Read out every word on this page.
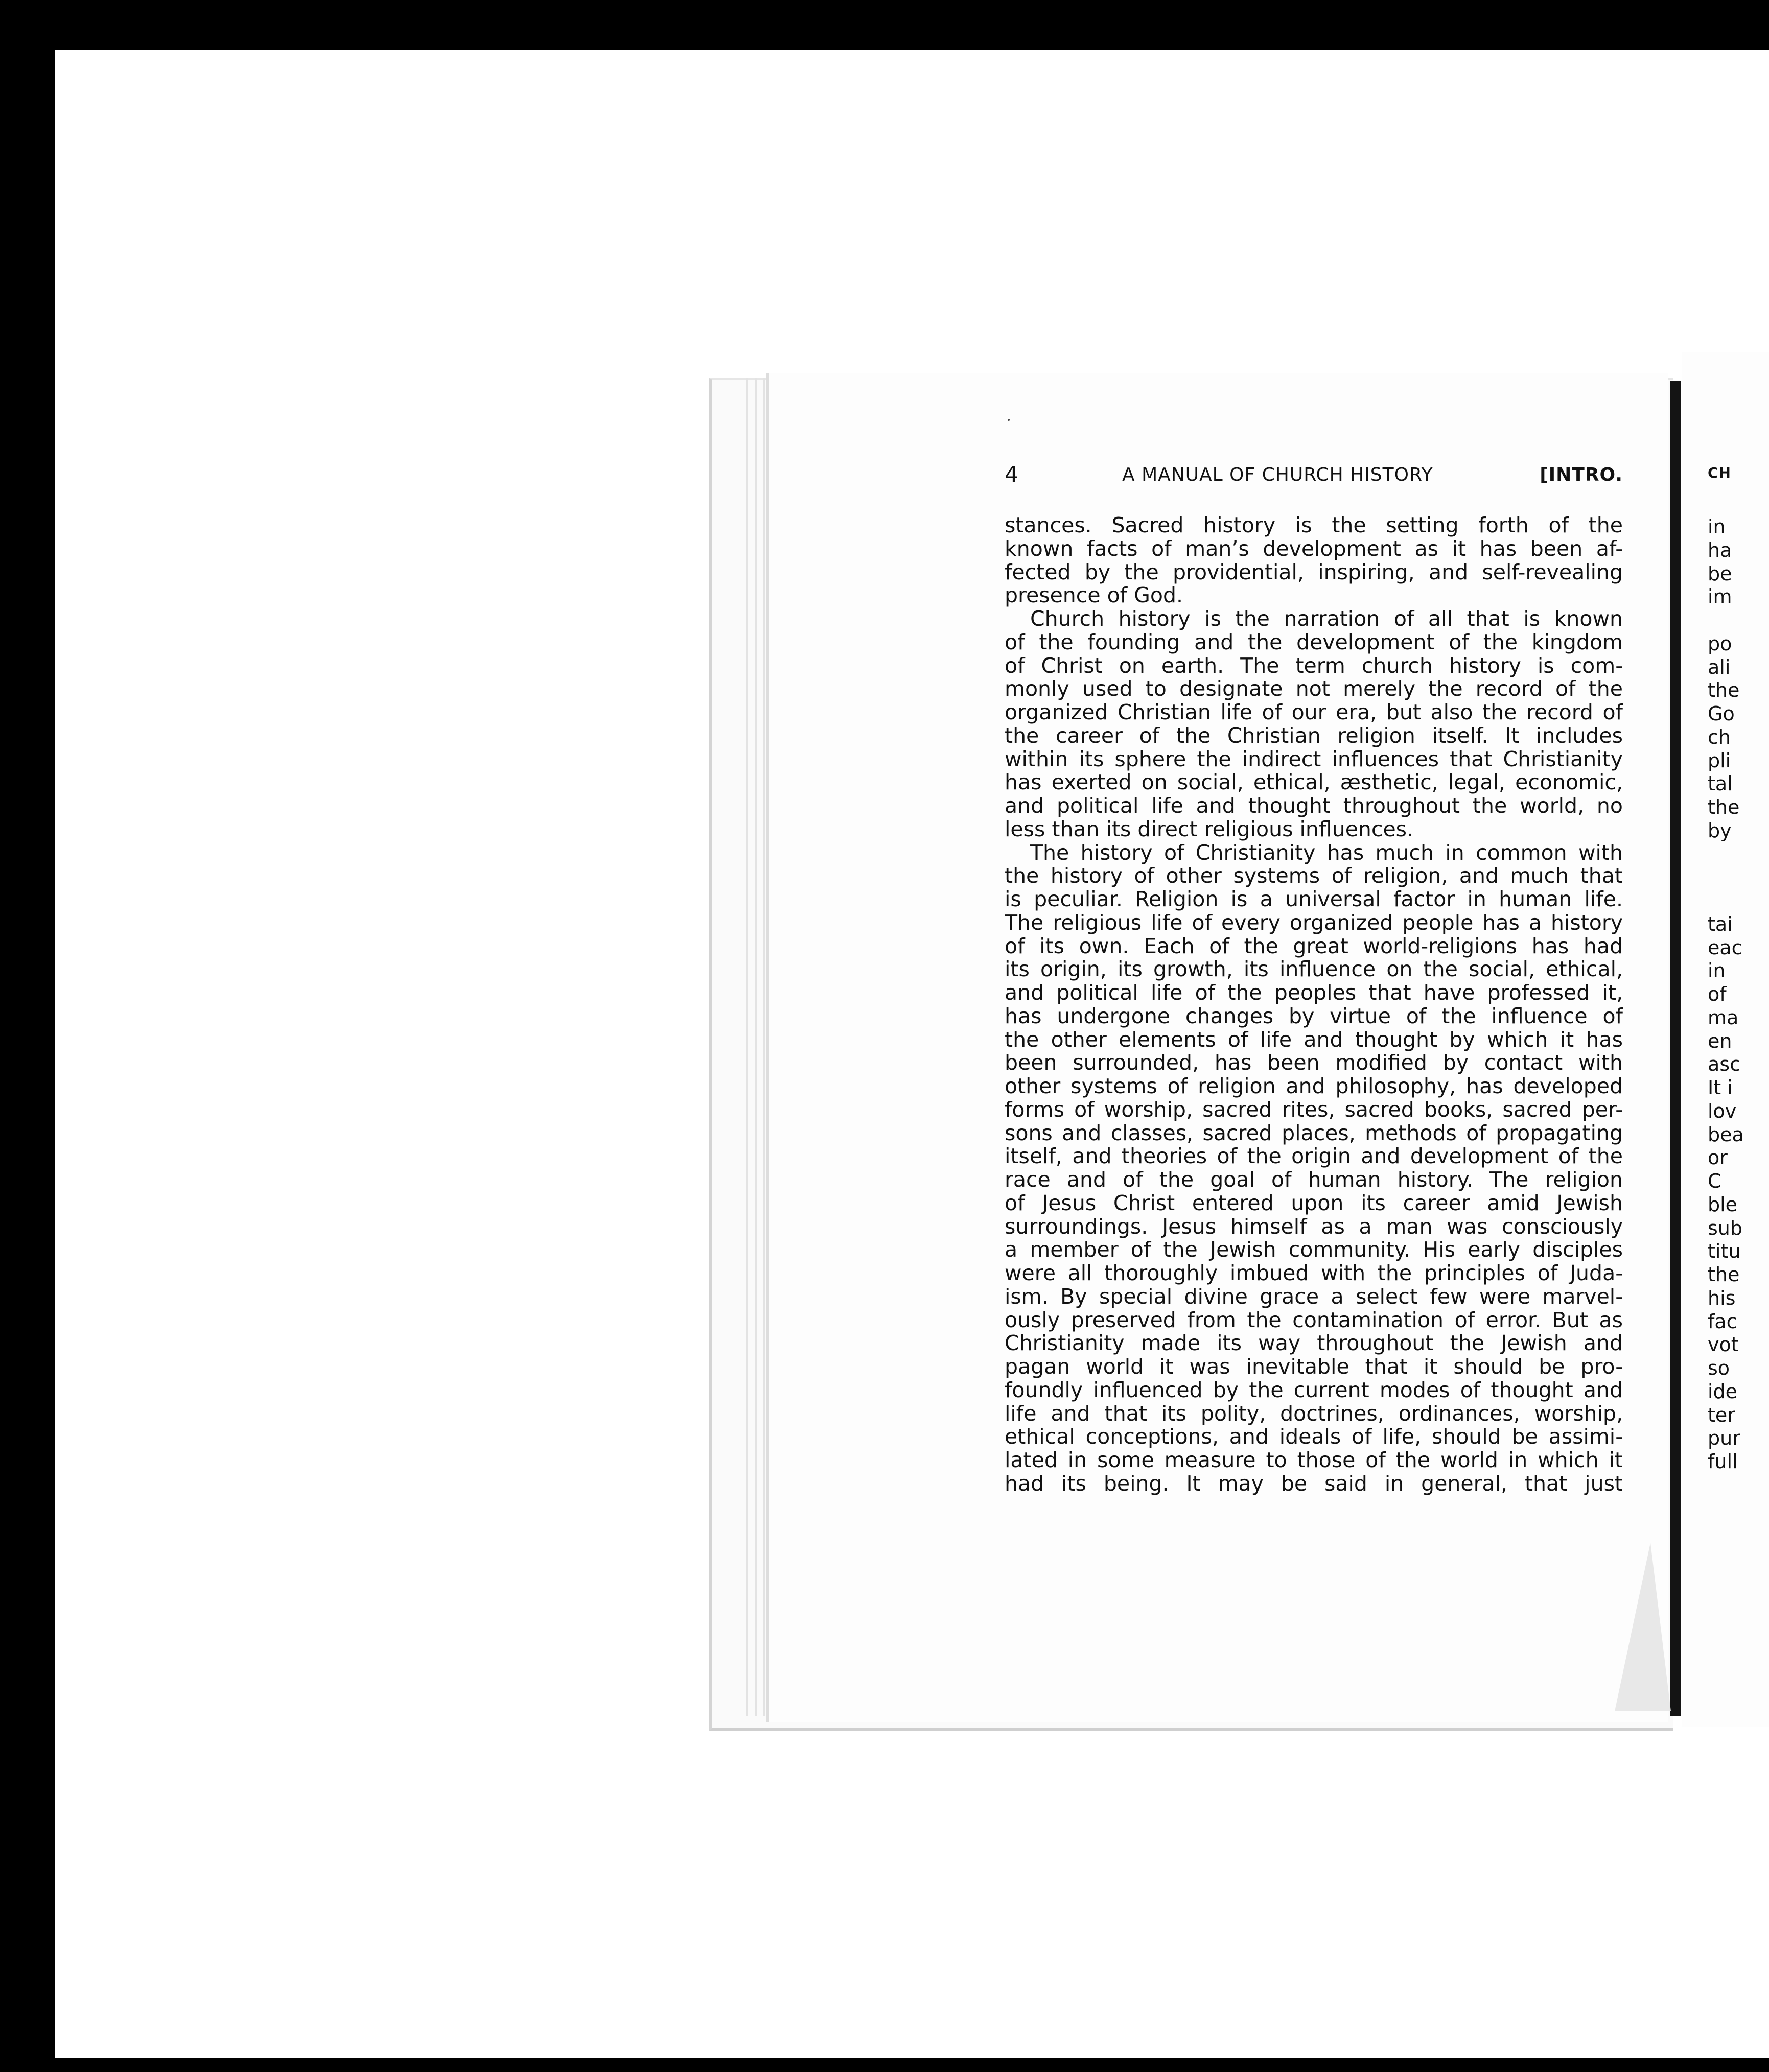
4	A MANUAL OF CHURCH HISTORY	[INTRO.
stances. Sacred history is the setting forth of the
known facts of man’s development as it has been af-
fected by the providential, inspiring, and self-revealing
presence of God.
Church history is the narration of all that is known
of the founding and the development of the kingdom
of Christ on earth. The term church history is com-
monly used to designate not merely the record of the
organized Christian life of our era, but also the record of
the career of the Christian religion itself. It includes
within its sphere the indirect influences that Christianity
has exerted on social, ethical, æsthetic, legal, economic,
and political life and thought throughout the world, no
less than its direct religious influences.
The history of Christianity has much in common with
the history of other systems of religion, and much that
is peculiar. Religion is a universal factor in human life.
The religious life of every organized people has a history
of its own. Each of the great world-religions has had
its origin, its growth, its influence on the social, ethical,
and political life of the peoples that have professed it,
has undergone changes by virtue of the influence of
the other elements of life and thought by which it has
been surrounded, has been modified by contact with
other systems of religion and philosophy, has developed
forms of worship, sacred rites, sacred books, sacred per-
sons and classes, sacred places, methods of propagating
itself, and theories of the origin and development of the
race and of the goal of human history. The religion
of Jesus Christ entered upon its career amid Jewish
surroundings. Jesus himself as a man was consciously
a member of the Jewish community. His early disciples
were all thoroughly imbued with the principles of Juda-
ism. By special divine grace a select few were marvel-
ously preserved from the contamination of error. But as
Christianity made its way throughout the Jewish and
pagan world it was inevitable that it should be pro-
foundly influenced by the current modes of thought and
life and that its polity, doctrines, ordinances, worship,
ethical conceptions, and ideals of life, should be assimi-
lated in some measure to those of the world in which it
had its being. It may be said in general, that just
CH
in
ha
be
im
po
ali
the
Go
ch
pli
tal
the
by
tai
eac
in
of
ma
en
asc
It i
lov
bea
or
C
ble
sub
titu
the
his
fac
vot
so
ide
ter
pur
full
